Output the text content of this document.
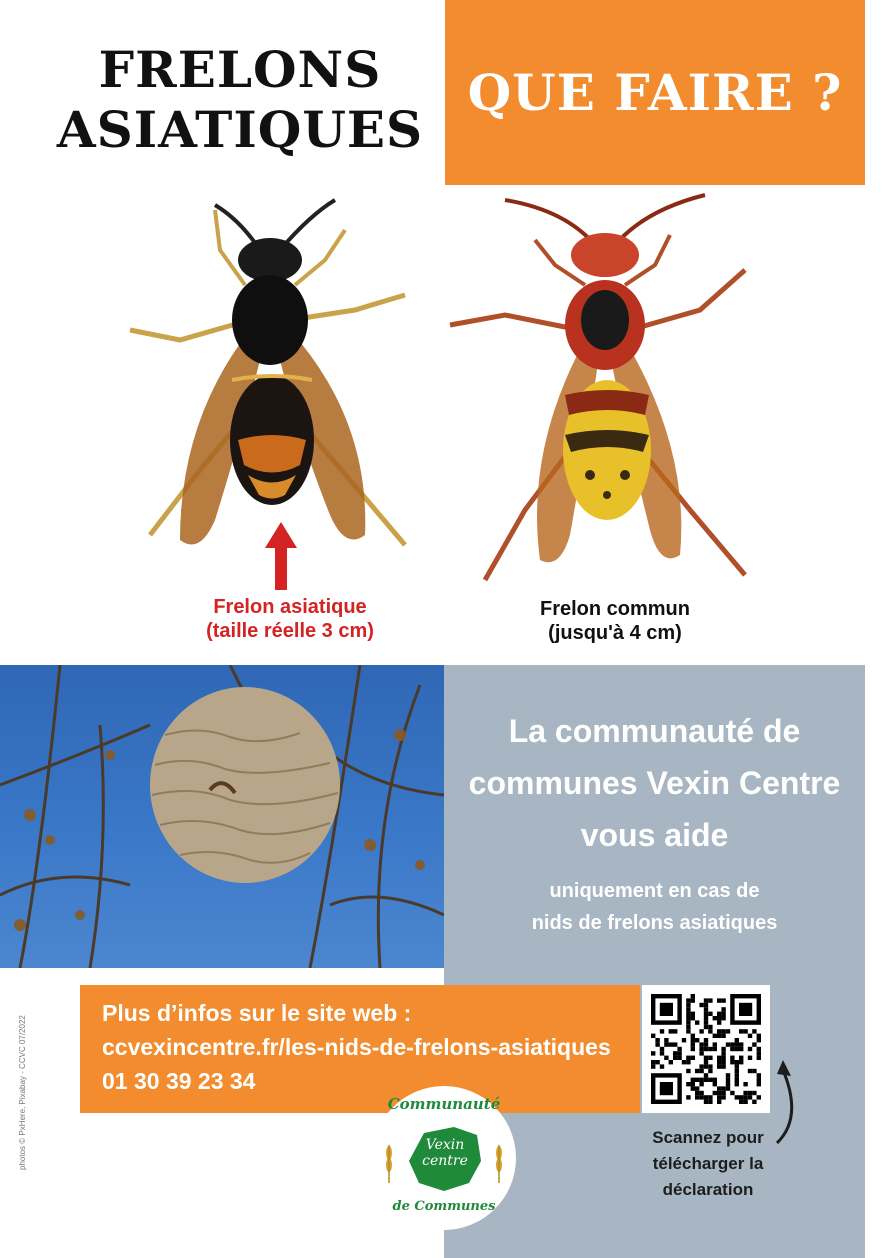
FRELONS
ASIATIQUES
QUE FAIRE ?
Frelon asiatique
(taille réelle 3 cm)
Frelon commun
(jusqu'à 4 cm)
La communauté de
communes Vexin Centre
vous aide
uniquement en cas de
nids de frelons asiatiques
Plus d’infos sur le site web :
ccvexincentre.fr/les-nids-de-frelons-asiatiques
01 30 39 23 34
Scannez pour
télécharger la
déclaration
Communauté
Vexin
centre
de Communes
photos © PxHere, Pixabay - CCVC 07/2022
